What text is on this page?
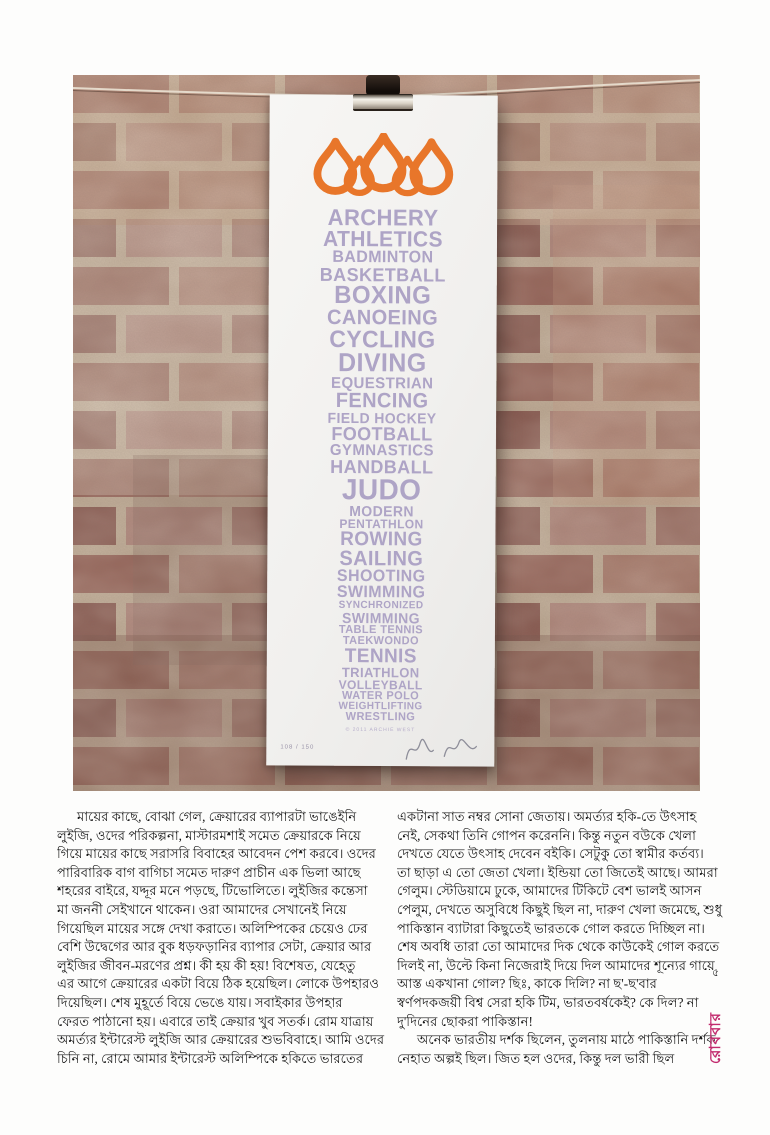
ARCHERY
ATHLETICS
BADMINTON
BASKETBALL
BOXING
CANOEING
CYCLING
DIVING
EQUESTRIAN
FENCING
FIELD HOCKEY
FOOTBALL
GYMNASTICS
HANDBALL
JUDO
MODERN
PENTATHLON
ROWING
SAILING
SHOOTING
SWIMMING
SYNCHRONIZED
SWIMMING
TABLE TENNIS
TAEKWONDO
TENNIS
TRIATHLON
VOLLEYBALL
WATER POLO
WEIGHTLIFTING
WRESTLING
© 2011 ARCHIE WEST
108 / 150
মায়ের কাছে, বোঝা গেল, ক্রেয়ারের ব্যাপারটা ভাঙেইনি
লুইজি, ওদের পরিকল্পনা, মাস্টারমশাই সমেত ক্রেয়ারকে নিয়ে
গিয়ে মায়ের কাছে সরাসরি বিবাহের আবেদন পেশ করবে। ওদের
পারিবারিক বাগ বাগিচা সমেত দারুণ প্রাচীন এক ভিলা আছে
শহরের বাইরে, যদ্দূর মনে পড়ছে, টিভোলিতে। লুইজির কন্তেসা
মা জননী সেইখানে থাকেন। ওরা আমাদের সেখানেই নিয়ে
গিয়েছিল মায়ের সঙ্গে দেখা করাতে। অলিম্পিকের চেয়েও ঢের
বেশি উদ্বেগের আর বুক ধড়ফড়ানির ব্যাপার সেটা, ক্রেয়ার আর
লুইজির জীবন-মরণের প্রশ্ন। কী হয় কী হয়! বিশেষত, যেহেতু
এর আগে ক্রেয়ারের একটা বিয়ে ঠিক হয়েছিল। লোকে উপহারও
দিয়েছিল। শেষ মুহূর্তে বিয়ে ভেঙে যায়। সবাইকার উপহার
ফেরত পাঠানো হয়। এবারে তাই ক্রেয়ার খুব সতর্ক। রোম যাত্রায়
অমর্ত্যর ইন্টারেস্ট লুইজি আর ক্রেয়ারের শুভবিবাহে। আমি ওদের
চিনি না, রোমে আমার ইন্টারেস্ট অলিম্পিকে হকিতে ভারতের
একটানা সাত নম্বর সোনা জেতায়। অমর্ত্যর হকি-তে উৎসাহ
নেই, সেকথা তিনি গোপন করেননি। কিন্তু নতুন বউকে খেলা
দেখতে যেতে উৎসাহ দেবেন বইকি। সেটুকু তো স্বামীর কর্তব্য।
তা ছাড়া এ তো জেতা খেলা। ইন্ডিয়া তো জিতেই আছে। আমরা
গেলুম। স্টেডিয়ামে ঢুকে, আমাদের টিকিটে বেশ ভালই আসন
পেলুম, দেখতে অসুবিধে কিছুই ছিল না, দারুণ খেলা জমেছে, শুধু
পাকিস্তান ব্যাটারা কিছুতেই ভারতকে গোল করতে দিচ্ছিল না।
শেষ অবধি তারা তো আমাদের দিক থেকে কাউকেই গোল করতে
দিলই না, উল্টে কিনা নিজেরাই দিয়ে দিল আমাদের শূন্যের গায়ে
আস্ত একখানা গোল? ছিঃ, কাকে দিলি? না ছ'-ছ'বার
স্বর্ণপদকজয়ী বিশ্ব সেরা হকি টিম, ভারতবর্ষকেই? কে দিল? না
দু'দিনের ছোকরা পাকিস্তান!
অনেক ভারতীয় দর্শক ছিলেন, তুলনায় মাঠে পাকিস্তানি দর্শক
নেহাত অল্পই ছিল। জিত হল ওদের, কিন্তু দল ভারী ছিল
৫
রোববার
